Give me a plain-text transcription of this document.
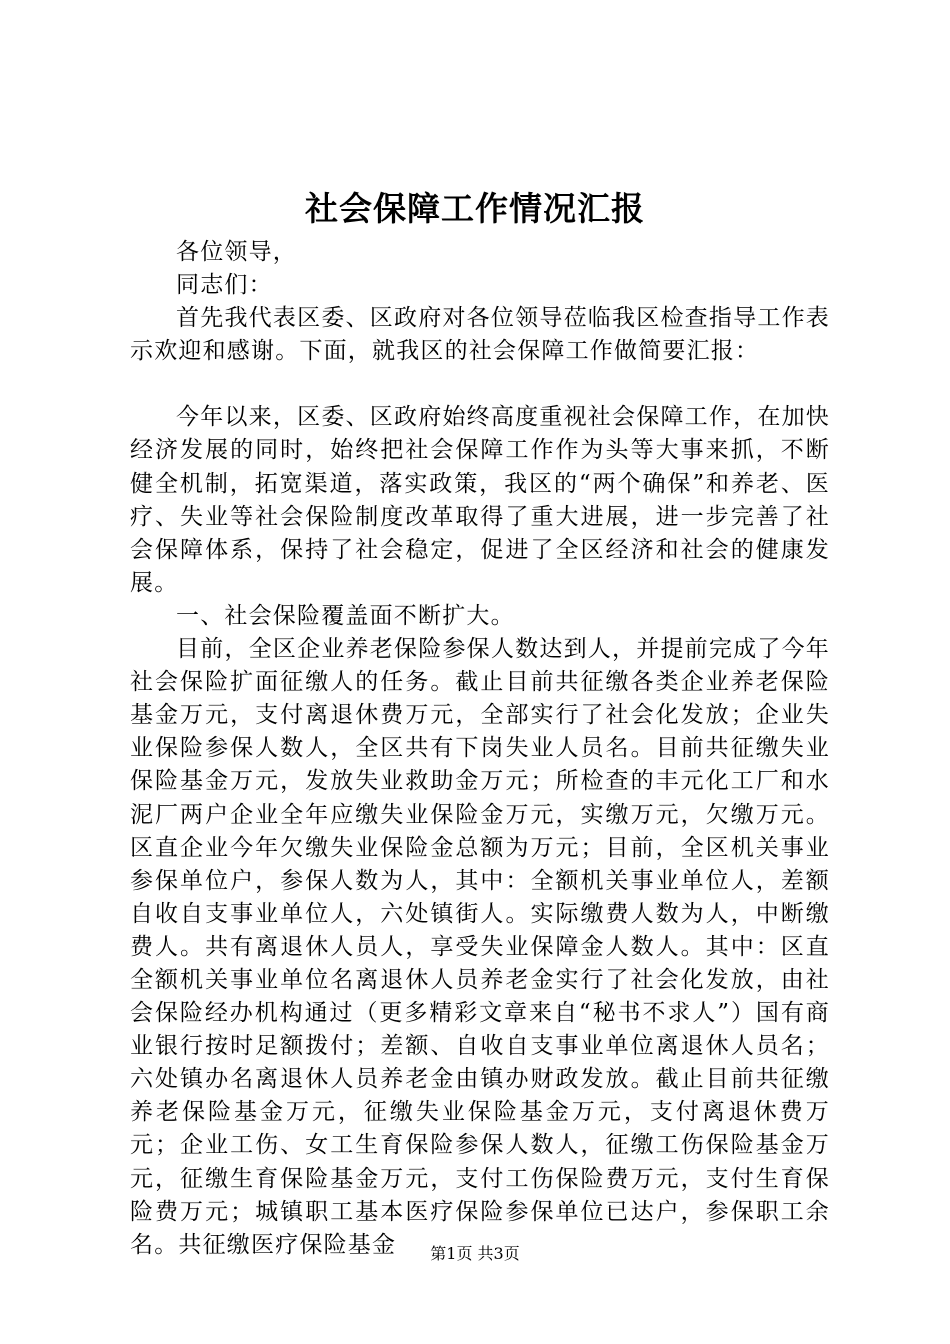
社会保障工作情况汇报

各位领导，

同志们：

首先我代表区委、区政府对各位领导莅临我区检查指导工作表示欢迎和感谢。下面，就我区的社会保障工作做简要汇报：

今年以来，区委、区政府始终高度重视社会保障工作，在加快经济发展的同时，始终把社会保障工作作为头等大事来抓，不断健全机制，拓宽渠道，落实政策，我区的“两个确保”和养老、医疗、失业等社会保险制度改革取得了重大进展，进一步完善了社会保障体系，保持了社会稳定，促进了全区经济和社会的健康发展。

一、社会保险覆盖面不断扩大。

目前，全区企业养老保险参保人数达到人，并提前完成了今年社会保险扩面征缴人的任务。截止目前共征缴各类企业养老保险基金万元，支付离退休费万元，全部实行了社会化发放；企业失业保险参保人数人，全区共有下岗失业人员名。目前共征缴失业保险基金万元，发放失业救助金万元；所检查的丰元化工厂和水泥厂两户企业全年应缴失业保险金万元，实缴万元，欠缴万元。区直企业今年欠缴失业保险金总额为万元；目前，全区机关事业参保单位户，参保人数为人，其中：全额机关事业单位人，差额自收自支事业单位人，六处镇街人。实际缴费人数为人，中断缴费人。共有离退休人员人，享受失业保障金人数人。其中：区直全额机关事业单位名离退休人员养老金实行了社会化发放，由社会保险经办机构通过（更多精彩文章来自“秘书不求人”）国有商业银行按时足额拨付；差额、自收自支事业单位离退休人员名；六处镇办名离退休人员养老金由镇办财政发放。截止目前共征缴养老保险基金万元，征缴失业保险基金万元，支付离退休费万元；企业工伤、女工生育保险参保人数人，征缴工伤保险基金万元，征缴生育保险基金万元，支付工伤保险费万元，支付生育保险费万元；城镇职工基本医疗保险参保单位已达户，参保职工余名。共征缴医疗保险基金	第1页 共3页
